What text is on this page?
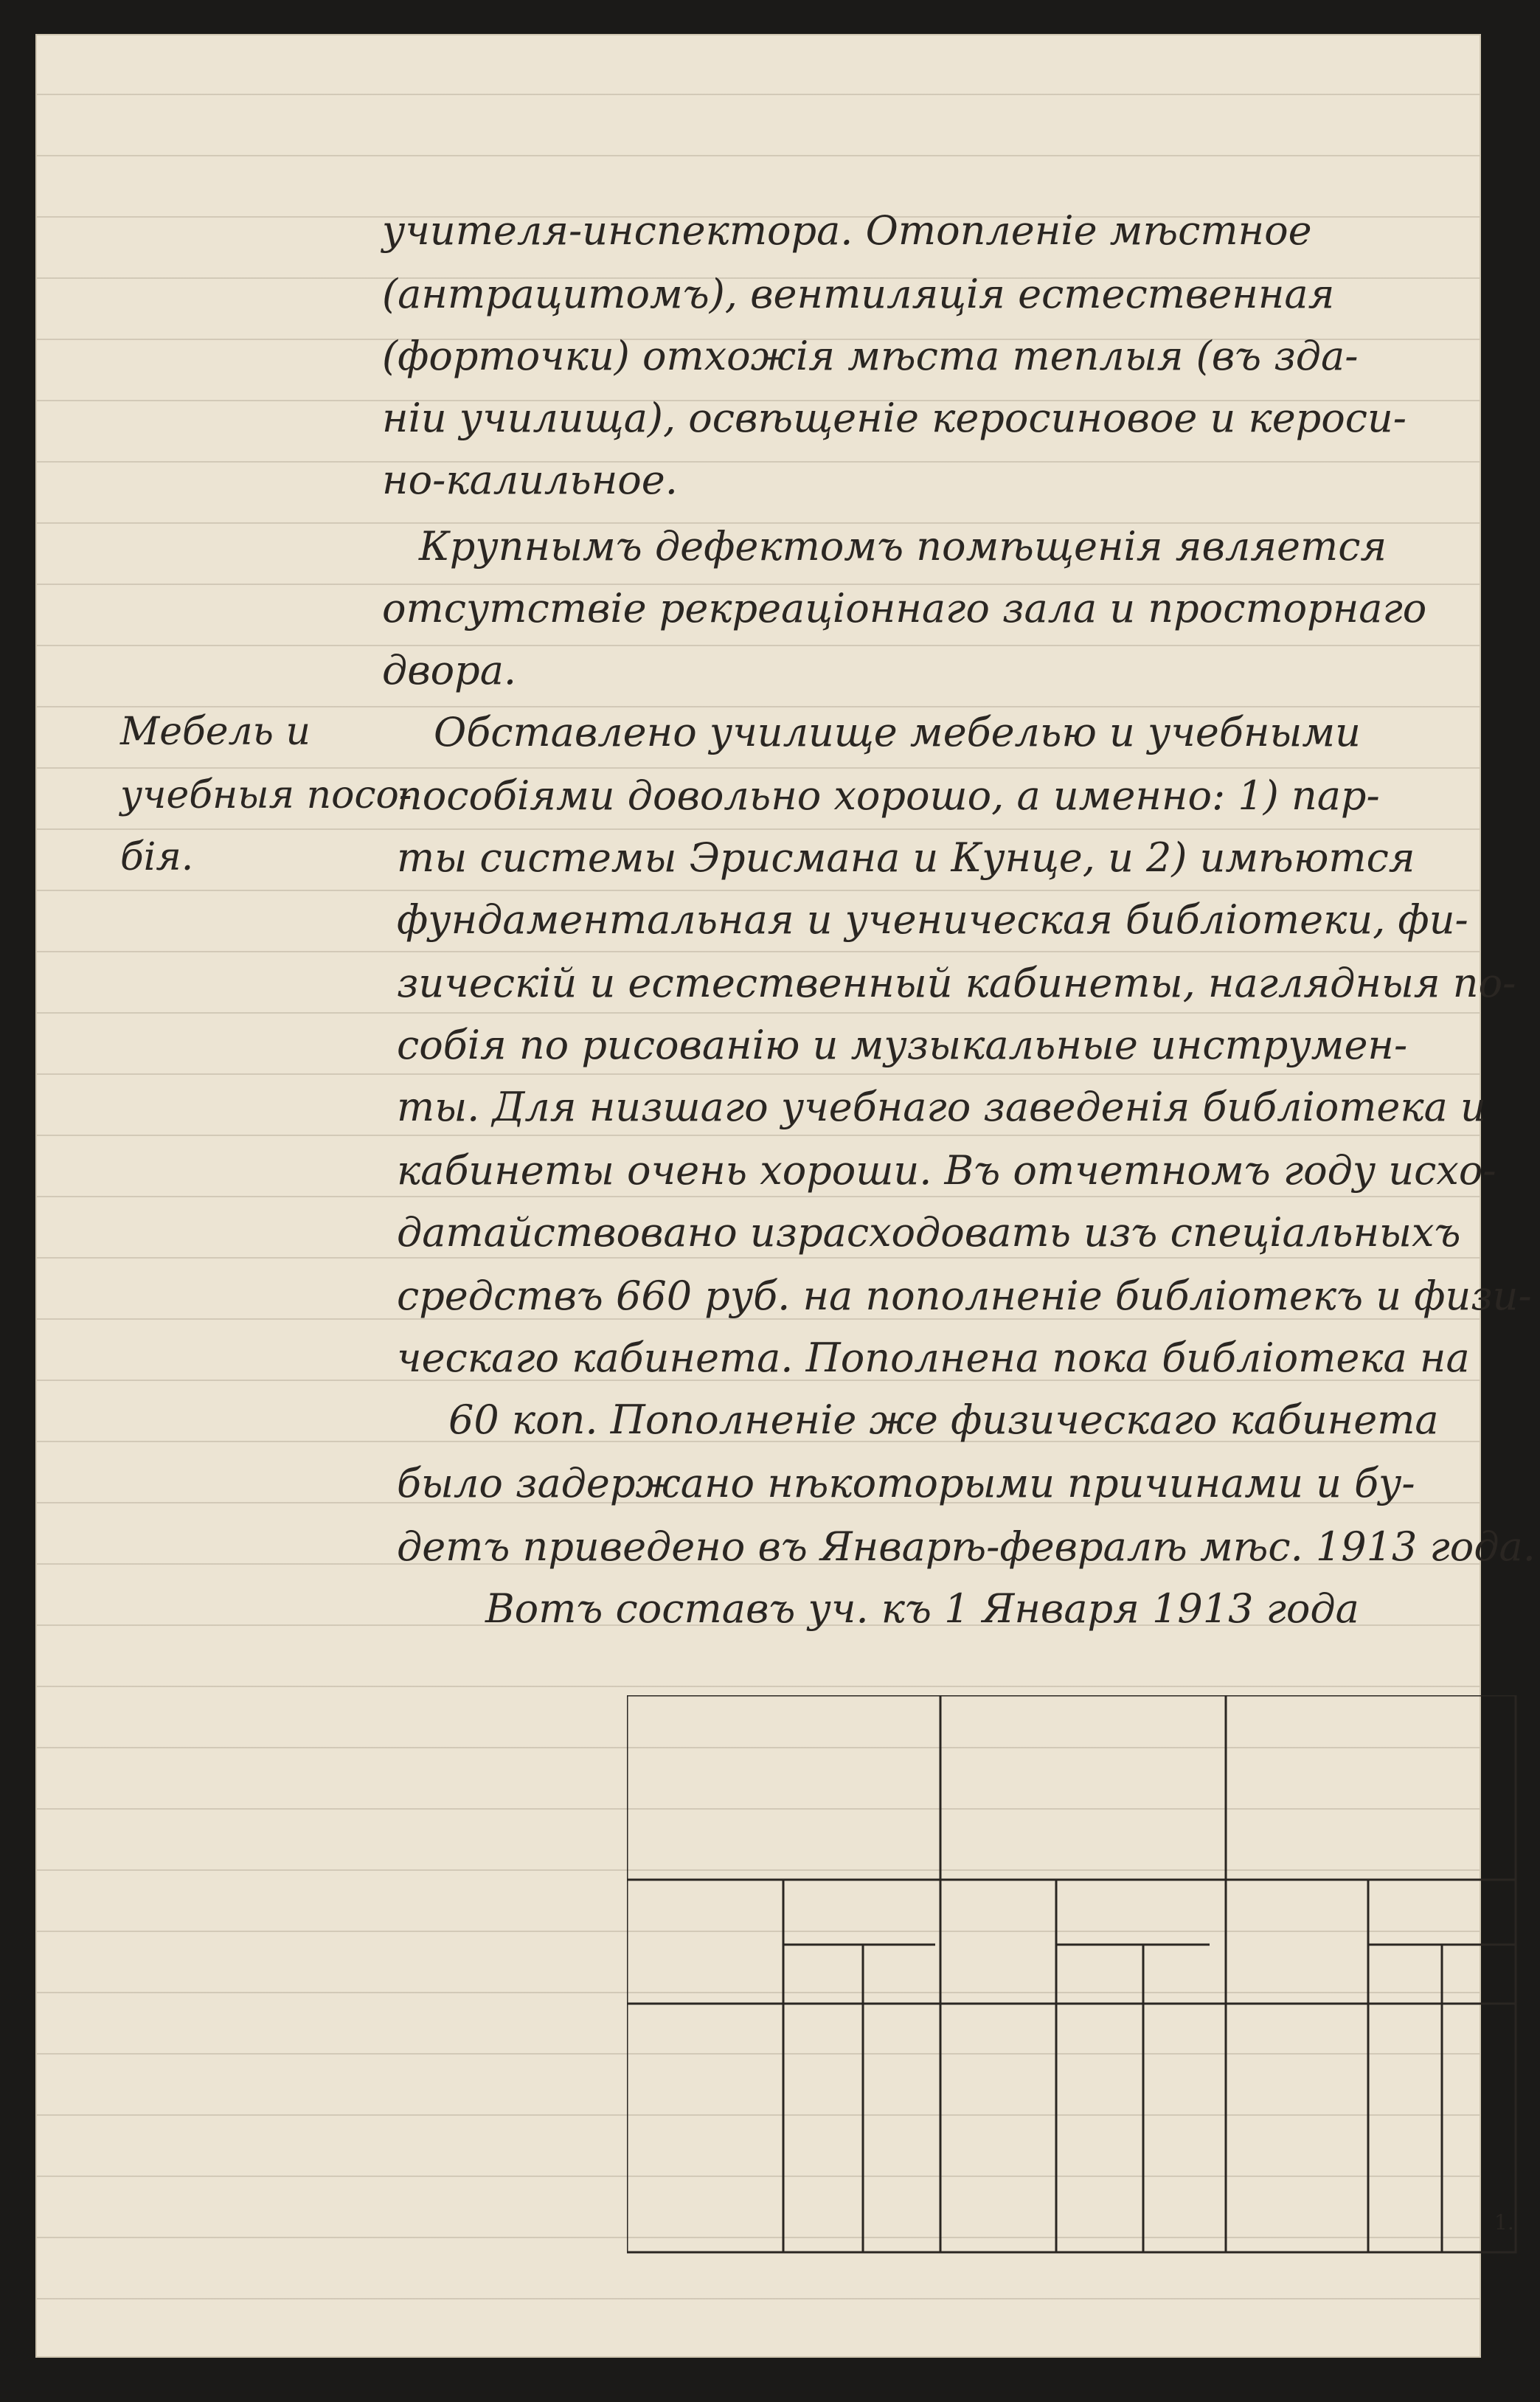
Мебель и
учебныя посо-
бія.
учителя-инспектора. Отопленіе мѣстное
(антрацитомъ), вентиляція естественная
(форточки) отхожія мѣста теплыя (въ зда-
ніи училища), освѣщеніе керосиновое и кероси-
но-калильное.
Крупнымъ дефектомъ помѣщенія является
отсутствіе рекреаціоннаго зала и просторнаго
двора.
Обставлено училище мебелью и учебными
пособіями довольно хорошо, а именно: 1) пар-
ты системы Эрисмана и Кунце, и 2) имѣются
фундаментальная и ученическая библіотеки, фи-
зическій и естественный кабинеты, наглядныя по-
собія по рисованію и музыкальные инструмен-
ты. Для низшаго учебнаго заведенія библіотека и
кабинеты очень хороши. Въ отчетномъ году исхо-
датайствовано израсходовать изъ спеціальныхъ
средствъ 660 руб. на пополненіе библіотекъ и физи-
ческаго кабинета. Пополнена пока библіотека на
60 коп. Пополненіе же физическаго кабинета
было задержано нѣкоторыми причинами и бу-
детъ приведено въ Январѣ-февралѣ мѣс. 1913 года.
Вотъ составъ уч. къ 1 Января 1913 года
1.
